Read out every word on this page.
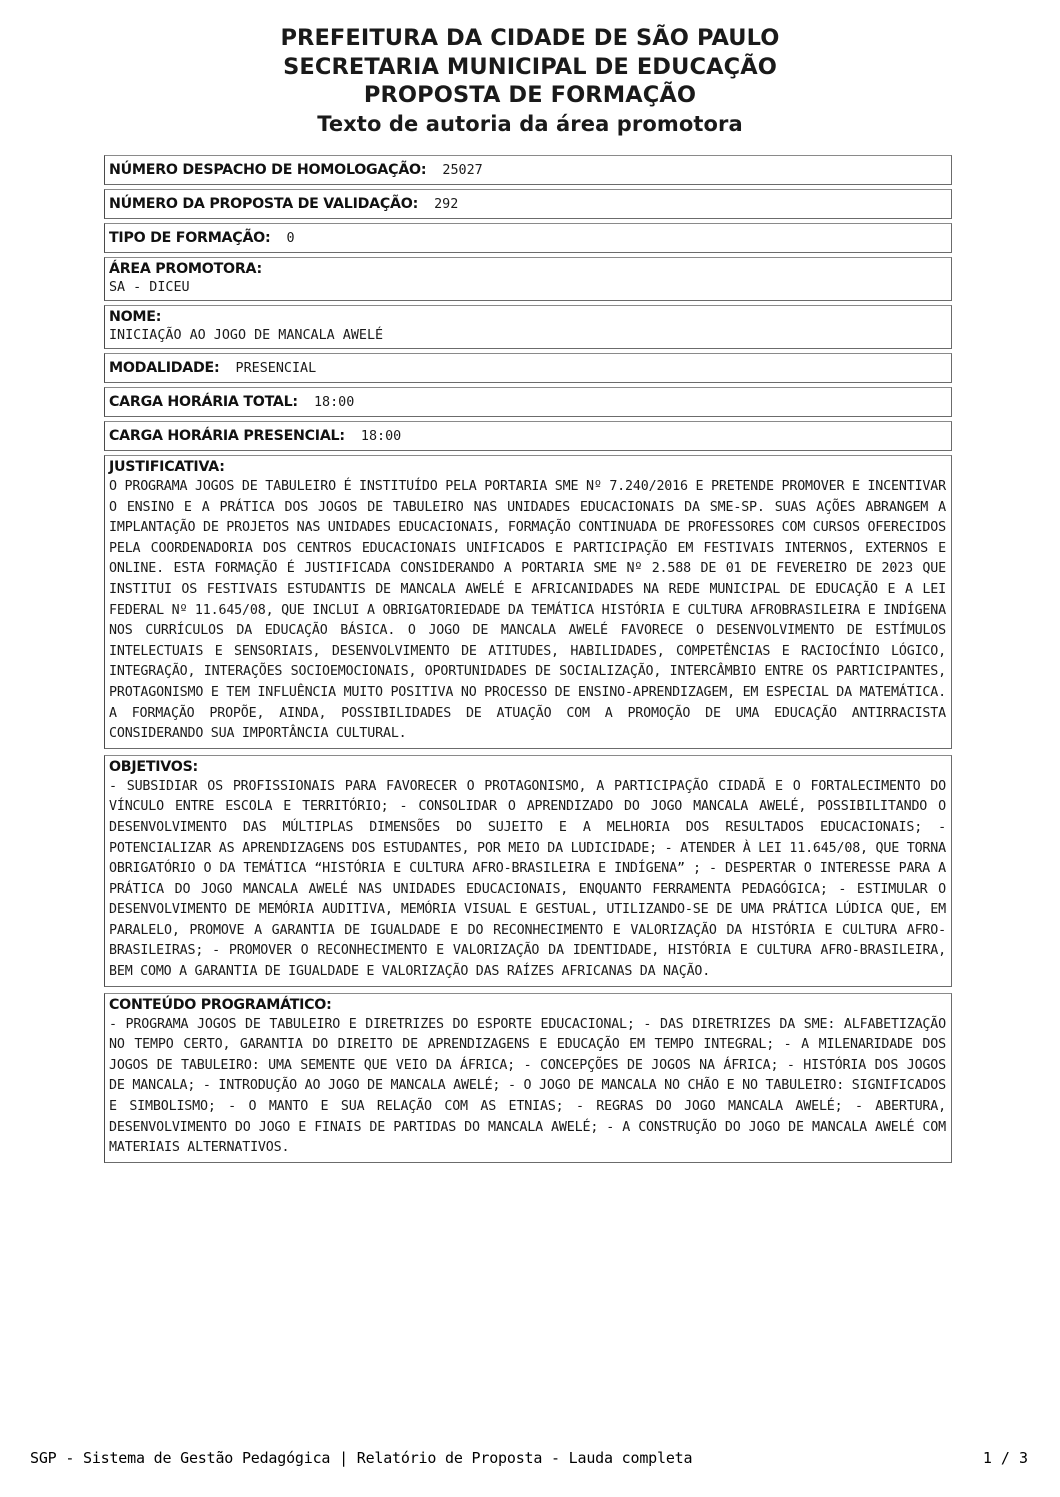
PREFEITURA DA CIDADE DE SÃO PAULO
SECRETARIA MUNICIPAL DE EDUCAÇÃO
PROPOSTA DE FORMAÇÃO
Texto de autoria da área promotora
NÚMERO DESPACHO DE HOMOLOGAÇÃO: 25027
NÚMERO DA PROPOSTA DE VALIDAÇÃO: 292
TIPO DE FORMAÇÃO: 0
ÁREA PROMOTORA:
SA - DICEU
NOME:
INICIAÇÃO AO JOGO DE MANCALA AWELÉ
MODALIDADE: PRESENCIAL
CARGA HORÁRIA TOTAL: 18:00
CARGA HORÁRIA PRESENCIAL: 18:00
JUSTIFICATIVA:
O PROGRAMA JOGOS DE TABULEIRO É INSTITUÍDO PELA PORTARIA SME Nº 7.240/2016 E PRETENDE PROMOVER E INCENTIVAR O ENSINO E A PRÁTICA DOS JOGOS DE TABULEIRO NAS UNIDADES EDUCACIONAIS DA SME-SP. SUAS AÇÕES ABRANGEM A IMPLANTAÇÃO DE PROJETOS NAS UNIDADES EDUCACIONAIS, FORMAÇÃO CONTINUADA DE PROFESSORES COM CURSOS OFERECIDOS PELA COORDENADORIA DOS CENTROS EDUCACIONAIS UNIFICADOS E PARTICIPAÇÃO EM FESTIVAIS INTERNOS, EXTERNOS E ONLINE. ESTA FORMAÇÃO É JUSTIFICADA CONSIDERANDO A PORTARIA SME Nº 2.588 DE 01 DE FEVEREIRO DE 2023 QUE INSTITUI OS FESTIVAIS ESTUDANTIS DE MANCALA AWELÉ E AFRICANIDADES NA REDE MUNICIPAL DE EDUCAÇÃO E A LEI FEDERAL Nº 11.645/08, QUE INCLUI A OBRIGATORIEDADE DA TEMÁTICA HISTÓRIA E CULTURA AFROBRASILEIRA E INDÍGENA NOS CURRÍCULOS DA EDUCAÇÃO BÁSICA. O JOGO DE MANCALA AWELÉ FAVORECE O DESENVOLVIMENTO DE ESTÍMULOS INTELECTUAIS E SENSORIAIS, DESENVOLVIMENTO DE ATITUDES, HABILIDADES, COMPETÊNCIAS E RACIOCÍNIO LÓGICO, INTEGRAÇÃO, INTERAÇÕES SOCIOEMOCIONAIS, OPORTUNIDADES DE SOCIALIZAÇÃO, INTERCÂMBIO ENTRE OS PARTICIPANTES, PROTAGONISMO E TEM INFLUÊNCIA MUITO POSITIVA NO PROCESSO DE ENSINO-APRENDIZAGEM, EM ESPECIAL DA MATEMÁTICA. A FORMAÇÃO PROPÕE, AINDA, POSSIBILIDADES DE ATUAÇÃO COM A PROMOÇÃO DE UMA EDUCAÇÃO ANTIRRACISTA CONSIDERANDO SUA IMPORTÂNCIA CULTURAL.
OBJETIVOS:
- SUBSIDIAR OS PROFISSIONAIS PARA FAVORECER O PROTAGONISMO, A PARTICIPAÇÃO CIDADÃ E O FORTALECIMENTO DO VÍNCULO ENTRE ESCOLA E TERRITÓRIO; - CONSOLIDAR O APRENDIZADO DO JOGO MANCALA AWELÉ, POSSIBILITANDO O DESENVOLVIMENTO DAS MÚLTIPLAS DIMENSÕES DO SUJEITO E A MELHORIA DOS RESULTADOS EDUCACIONAIS; - POTENCIALIZAR AS APRENDIZAGENS DOS ESTUDANTES, POR MEIO DA LUDICIDADE; - ATENDER À LEI 11.645/08, QUE TORNA OBRIGATÓRIO O DA TEMÁTICA “HISTÓRIA E CULTURA AFRO-BRASILEIRA E INDÍGENA” ; - DESPERTAR O INTERESSE PARA A PRÁTICA DO JOGO MANCALA AWELÉ NAS UNIDADES EDUCACIONAIS, ENQUANTO FERRAMENTA PEDAGÓGICA; - ESTIMULAR O DESENVOLVIMENTO DE MEMÓRIA AUDITIVA, MEMÓRIA VISUAL E GESTUAL, UTILIZANDO-SE DE UMA PRÁTICA LÚDICA QUE, EM PARALELO, PROMOVE A GARANTIA DE IGUALDADE E DO RECONHECIMENTO E VALORIZAÇÃO DA HISTÓRIA E CULTURA AFRO-BRASILEIRAS; - PROMOVER O RECONHECIMENTO E VALORIZAÇÃO DA IDENTIDADE, HISTÓRIA E CULTURA AFRO-BRASILEIRA, BEM COMO A GARANTIA DE IGUALDADE E VALORIZAÇÃO DAS RAÍZES AFRICANAS DA NAÇÃO.
CONTEÚDO PROGRAMÁTICO:
- PROGRAMA JOGOS DE TABULEIRO E DIRETRIZES DO ESPORTE EDUCACIONAL; - DAS DIRETRIZES DA SME: ALFABETIZAÇÃO NO TEMPO CERTO, GARANTIA DO DIREITO DE APRENDIZAGENS E EDUCAÇÃO EM TEMPO INTEGRAL; - A MILENARIDADE DOS JOGOS DE TABULEIRO: UMA SEMENTE QUE VEIO DA ÁFRICA; - CONCEPÇÕES DE JOGOS NA ÁFRICA; - HISTÓRIA DOS JOGOS DE MANCALA; - INTRODUÇÃO AO JOGO DE MANCALA AWELÉ; - O JOGO DE MANCALA NO CHÃO E NO TABULEIRO: SIGNIFICADOS E SIMBOLISMO; - O MANTO E SUA RELAÇÃO COM AS ETNIAS; - REGRAS DO JOGO MANCALA AWELÉ; - ABERTURA, DESENVOLVIMENTO DO JOGO E FINAIS DE PARTIDAS DO MANCALA AWELÉ; - A CONSTRUÇÃO DO JOGO DE MANCALA AWELÉ COM MATERIAIS ALTERNATIVOS.
SGP - Sistema de Gestão Pedagógica | Relatório de Proposta - Lauda completa	1 / 3
